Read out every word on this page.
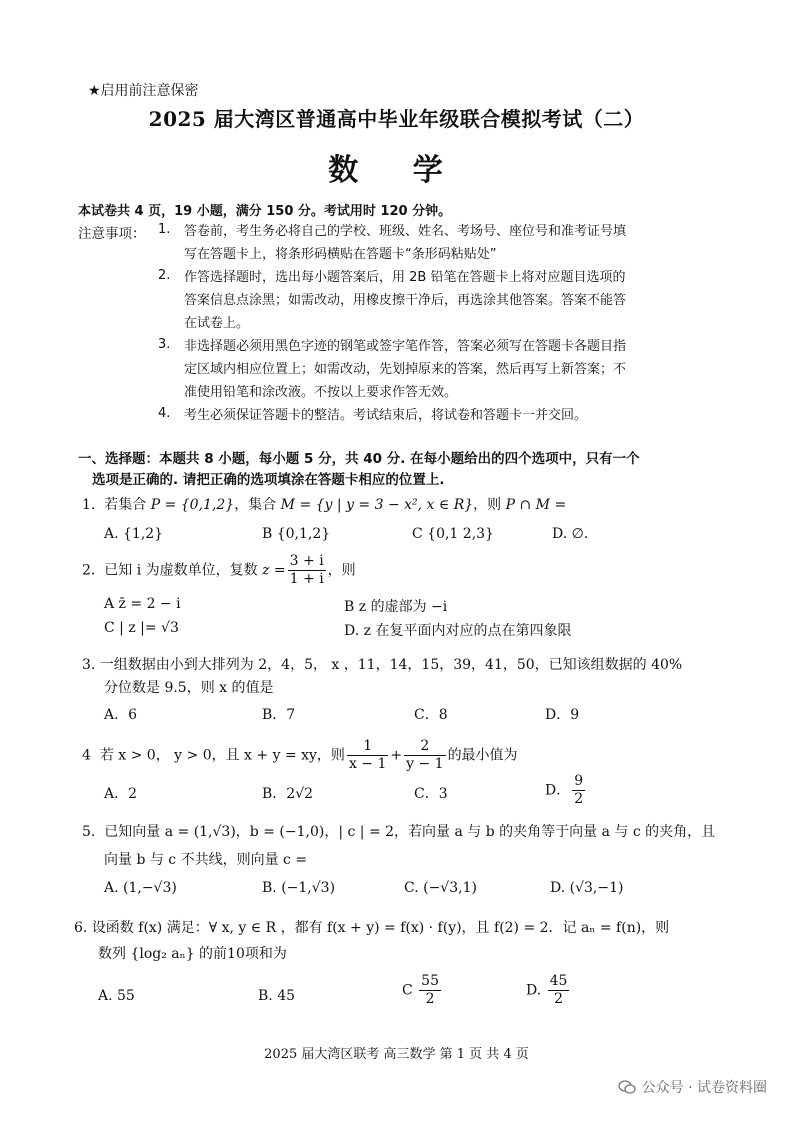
★启用前注意保密
2025 届大湾区普通高中毕业年级联合模拟考试（二）
数 学
本试卷共 4 页，19 小题，满分 150 分。考试用时 120 分钟。
注意事项： 1. 答卷前，考生务必将自己的学校、班级、姓名、考场号、座位号和准考证号填
写在答题卡上，将条形码横贴在答题卡“条形码粘贴处”
2. 作答选择题时，选出每小题答案后，用 2B 铅笔在答题卡上将对应题目选项的
答案信息点涂黑；如需改动，用橡皮擦干净后，再选涂其他答案。答案不能答
在试卷上。
3. 非选择题必须用黑色字迹的钢笔或签字笔作答，答案必须写在答题卡各题目指
定区域内相应位置上；如需改动，先划掉原来的答案，然后再写上新答案；不
准使用铅笔和涂改液。不按以上要求作答无效。
4. 考生必须保证答题卡的整洁。考试结束后，将试卷和答题卡一并交回。
一、选择题：本题共 8 小题，每小题 5 分，共 40 分. 在每小题给出的四个选项中，只有一个
选项是正确的. 请把正确的选项填涂在答题卡相应的位置上.
1. 若集合 P = {0,1,2}，集合 M = {y | y = 3 − x², x ∈ R}，则 P ∩ M =
A. {1,2}	B {0,1,2}	C {0,1 2,3}	D. ∅.
2. 已知 i 为虚数单位，复数 $z = \frac{3 + i}{1 + i}$ ，则
A z̄ = 2 − i	B z 的虚部为 −i
C | z |= √3	D. z 在复平面内对应的点在第四象限
3. 一组数据由小到大排列为 2，4，5， x ，11，14，15，39，41，50，已知该组数据的 40%
分位数是 9.5，则 x 的值是
A．6	B．7	C．8	D．9
4 若 x > 0， y > 0，且 x + y = xy，则 $\frac{1}{x - 1} + \frac{2}{y - 1}$ 的最小值为
A．2	B．2√2	C．3	D． $\frac{9}{2}$
5. 已知向量 a = (1,√3)，b = (−1,0)，| c | = 2，若向量 a 与 b 的夹角等于向量 a 与 c 的夹角，且
向量 b 与 c 不共线，则向量 c =
A. (1,−√3)	B. (−1,√3)	C. (−√3,1)	D. (√3,−1)
6. 设函数 f(x) 满足：∀ x, y ∈ R ，都有 f(x + y) = f(x) · f(y)，且 f(2) = 2．记 aₙ = f(n)，则
数列 {log₂ aₙ} 的前10项和为
A. 55	B. 45	C $\frac{55}{2}$	D. $\frac{45}{2}$
2025 届大湾区联考 高三数学 第 1 页 共 4 页
公众号 · 试卷资料圈
